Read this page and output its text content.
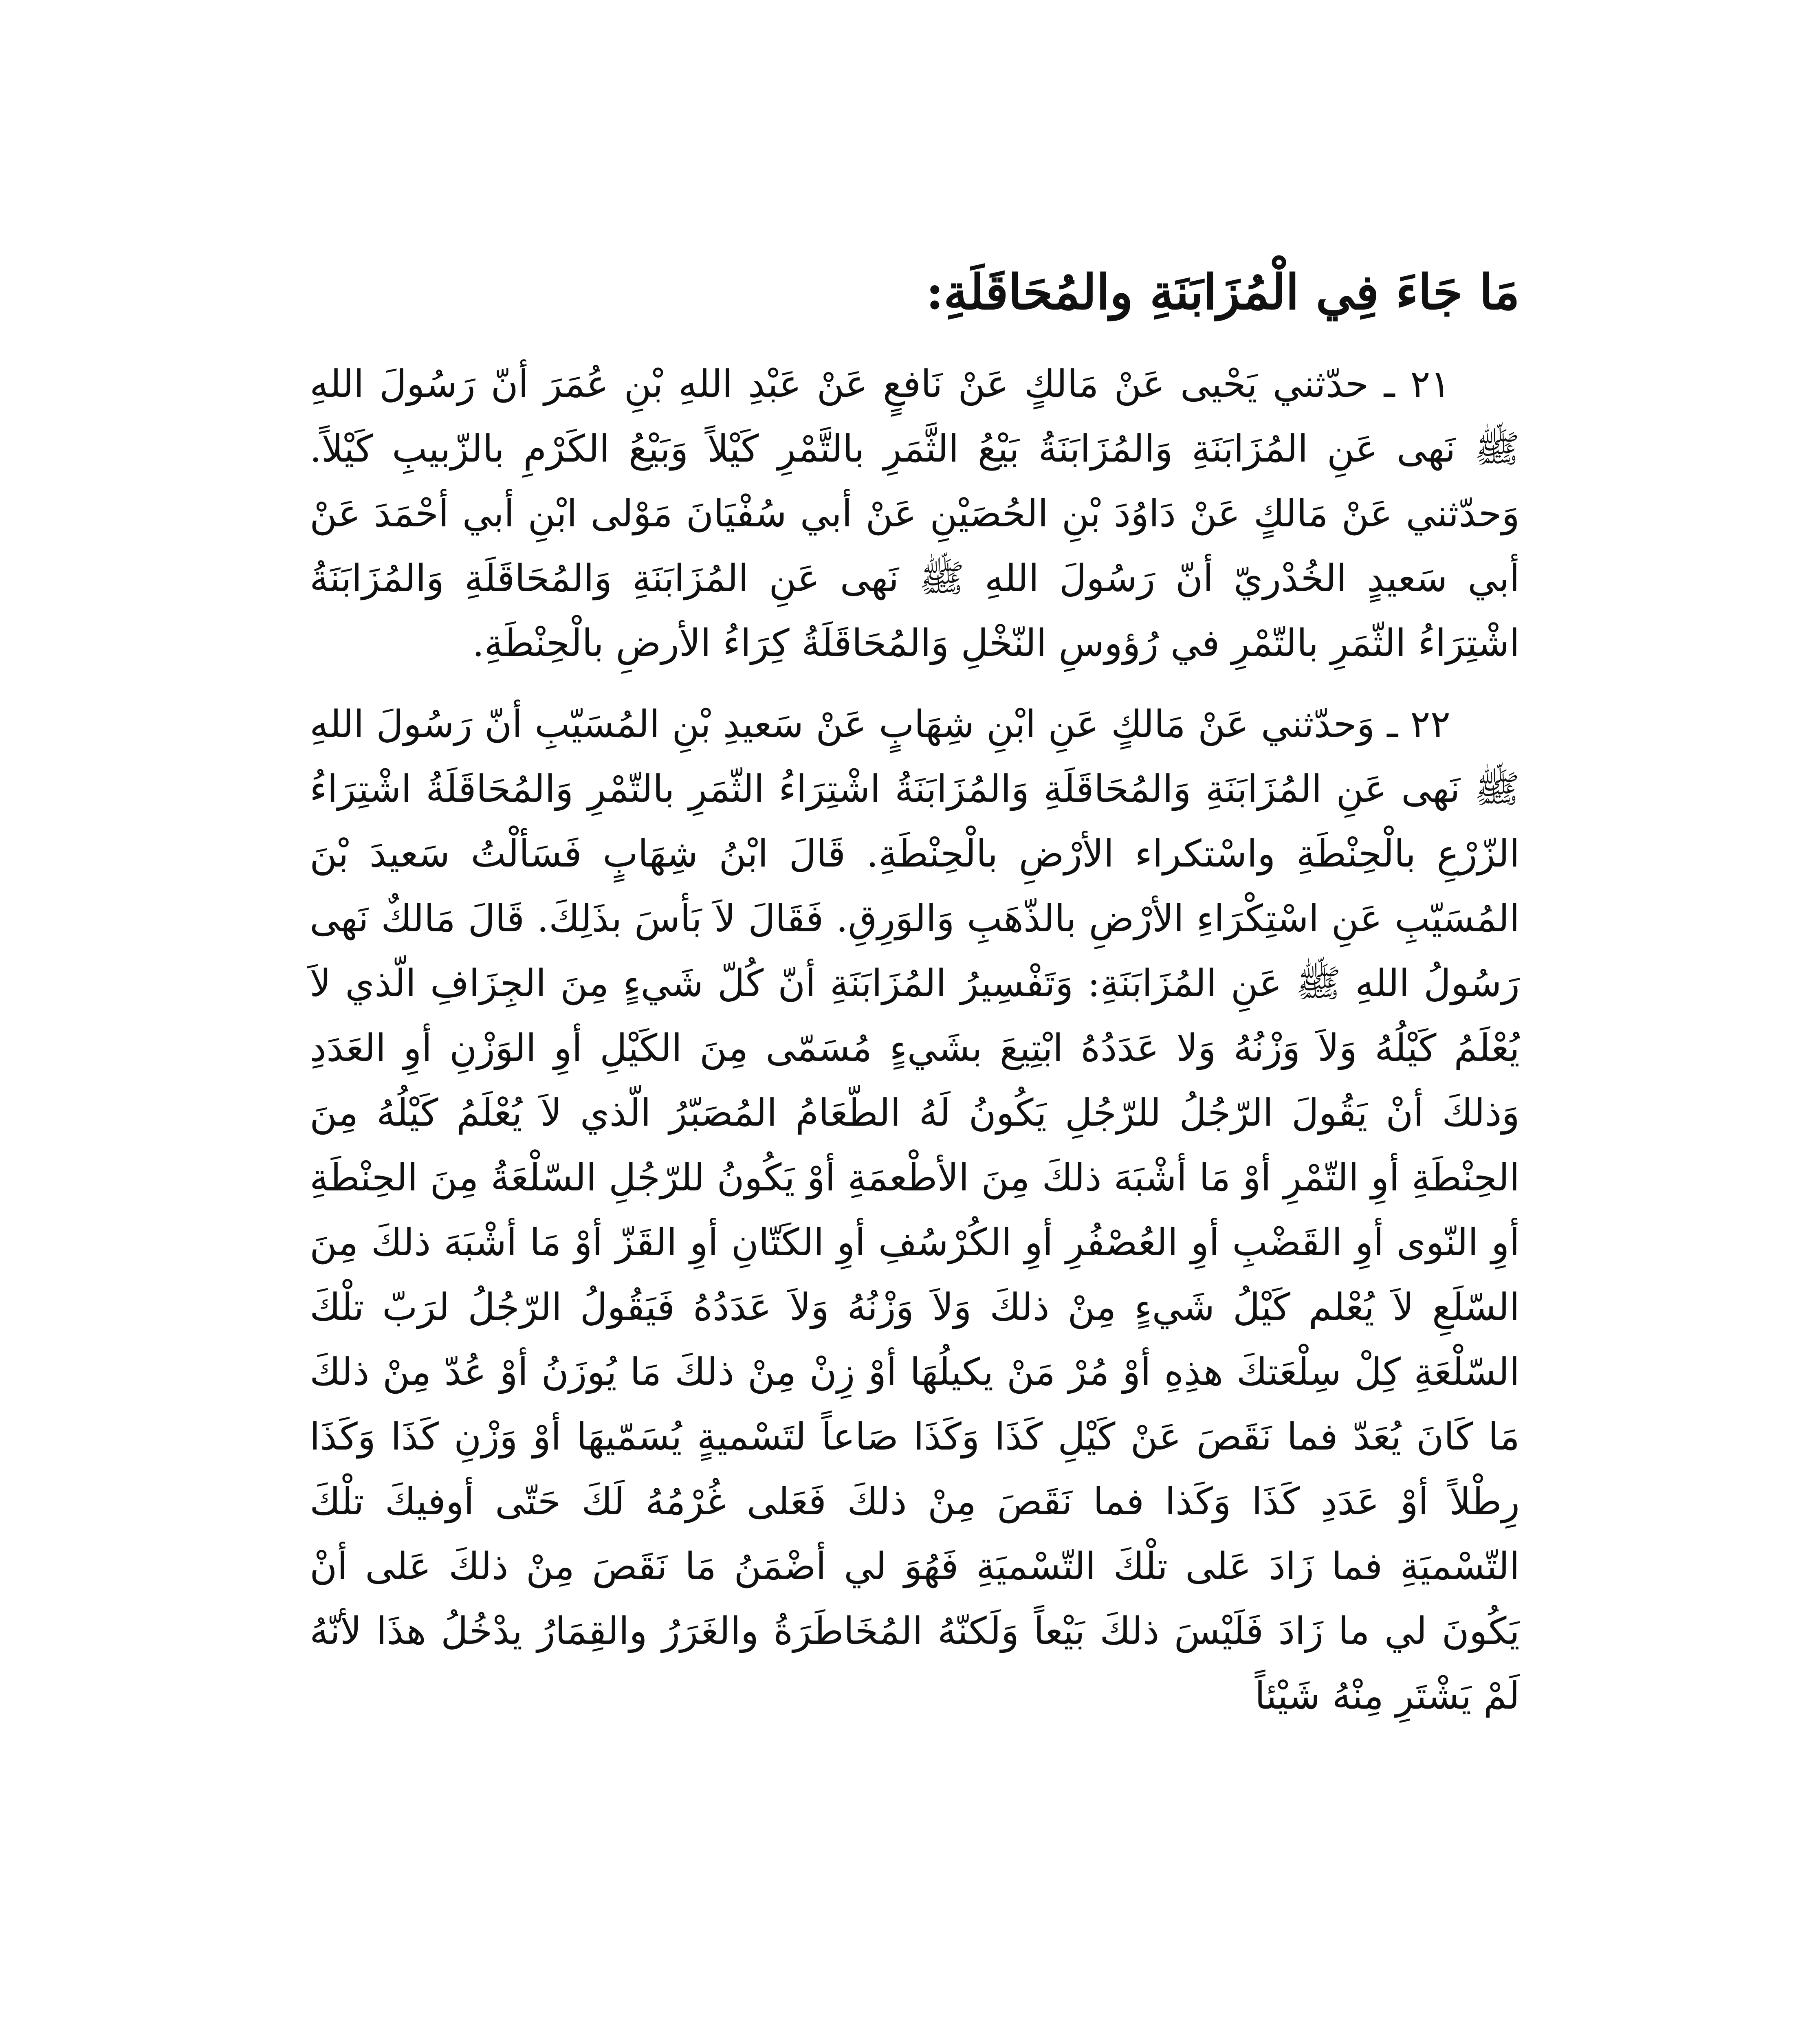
مَا جَاءَ فِي الْمُزَابَنَةِ والمُحَاقَلَةِ:

٢١ ـ حدّثني يَحْيى عَنْ مَالكٍ عَنْ نَافعٍ عَنْ عَبْدِ اللهِ بْنِ عُمَرَ أنّ رَسُولَ اللهِ ﷺ نَهى عَنِ المُزَابَنَةِ وَالمُزَابَنَةُ بَيْعُ الثَّمَرِ بالتَّمْرِ كَيْلاً وَبَيْعُ الكَرْمِ بالزّبيبِ كَيْلاً. وَحدّثني عَنْ مَالكٍ عَنْ دَاوُدَ بْنِ الحُصَيْنِ عَنْ أبي سُفْيَانَ مَوْلى ابْنِ أبي أحْمَدَ عَنْ أبي سَعيدٍ الخُدْريّ أنّ رَسُولَ اللهِ ﷺ نَهى عَنِ المُزَابَنَةِ وَالمُحَاقَلَةِ وَالمُزَابَنَةُ اشْتِرَاءُ الثّمَرِ بالتّمْرِ في رُؤوسِ النّخْلِ وَالمُحَاقَلَةُ كِرَاءُ الأرضِ بالْحِنْطَةِ.

٢٢ ـ وَحدّثني عَنْ مَالكٍ عَنِ ابْنِ شِهَابٍ عَنْ سَعيدِ بْنِ المُسَيّبِ أنّ رَسُولَ اللهِ ﷺ نَهى عَنِ المُزَابَنَةِ وَالمُحَاقَلَةِ وَالمُزَابَنَةُ اشْتِرَاءُ الثّمَرِ بالتّمْرِ وَالمُحَاقَلَةُ اشْتِرَاءُ الزّرْعِ بالْحِنْطَةِ واسْتكراء الأرْضِ بالْحِنْطَةِ. قَالَ ابْنُ شِهَابٍ فَسَألْتُ سَعيدَ بْنَ المُسَيّبِ عَنِ اسْتِكْرَاءِ الأرْضِ بالذّهَبِ وَالوَرِقِ. فَقَالَ لاَ بَأسَ بذَلِكَ. قَالَ مَالكٌ نَهى رَسُولُ اللهِ ﷺ عَنِ المُزَابَنَةِ: وَتَفْسِيرُ المُزَابَنَةِ أنّ كُلّ شَيءٍ مِنَ الجِزَافِ الّذي لاَ يُعْلَمُ كَيْلُهُ وَلاَ وَزْنُهُ وَلا عَدَدُهُ ابْتِيعَ بشَيءٍ مُسَمّى مِنَ الكَيْلِ أوِ الوَزْنِ أوِ العَدَدِ وَذلكَ أنْ يَقُولَ الرّجُلُ للرّجُلِ يَكُونُ لَهُ الطّعَامُ المُصَبّرُ الّذي لاَ يُعْلَمُ كَيْلُهُ مِنَ الحِنْطَةِ أوِ التّمْرِ أوْ مَا أشْبَهَ ذلكَ مِنَ الأطْعمَةِ أوْ يَكُونُ للرّجُلِ السّلْعَةُ مِنَ الحِنْطَةِ أوِ النّوى أوِ القَضْبِ أوِ العُصْفُرِ أوِ الكُرْسُفِ أوِ الكَتّانِ أوِ القَزّ أوْ مَا أشْبَهَ ذلكَ مِنَ السّلَعِ لاَ يُعْلم كَيْلُ شَيءٍ مِنْ ذلكَ وَلاَ وَزْنُهُ وَلاَ عَدَدُهُ فَيَقُولُ الرّجُلُ لرَبّ تلْكَ السّلْعَةِ كِلْ سِلْعَتكَ هذِهِ أوْ مُرْ مَنْ يكيلُهَا أوْ زِنْ مِنْ ذلكَ مَا يُوزَنُ أوْ عُدّ مِنْ ذلكَ مَا كَانَ يُعَدّ فما نَقَصَ عَنْ كَيْلِ كَذَا وَكَذَا صَاعاً لتَسْميةٍ يُسَمّيهَا أوْ وَزْنِ كَذَا وَكَذَا رِطْلاً أوْ عَدَدِ كَذَا وَكَذا فما نَقَصَ مِنْ ذلكَ فَعَلى غُرْمُهُ لَكَ حَتّى أوفيكَ تلْكَ التّسْميَةِ فما زَادَ عَلى تلْكَ التّسْميَةِ فَهُوَ لي أضْمَنُ مَا نَقَصَ مِنْ ذلكَ عَلى أنْ يَكُونَ لي ما زَادَ فَلَيْسَ ذلكَ بَيْعاً وَلَكنّهُ المُخَاطَرَةُ والغَرَرُ والقِمَارُ يدْخُلُ هذَا لأنّهُ لَمْ يَشْتَرِ مِنْهُ شَيْئاً
